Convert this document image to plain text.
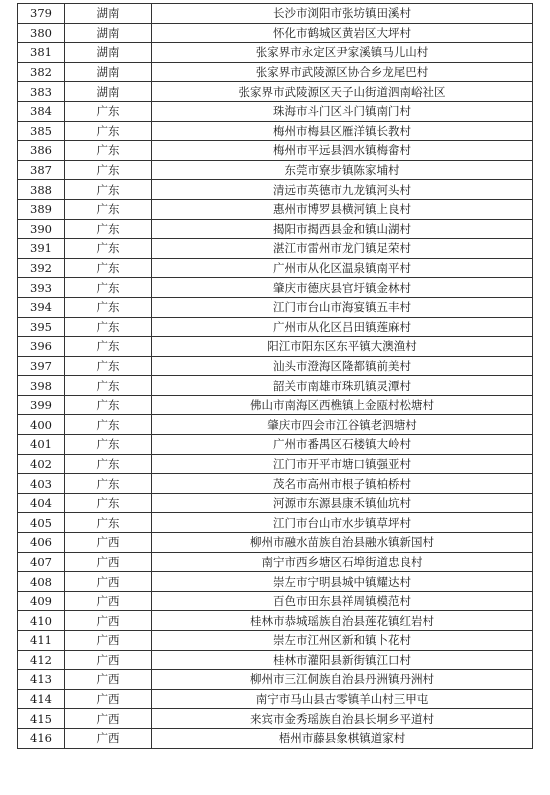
379	湖南	长沙市浏阳市张坊镇田溪村
380	湖南	怀化市鹤城区黄岩区大坪村
381	湖南	张家界市永定区尹家溪镇马儿山村
382	湖南	张家界市武陵源区协合乡龙尾巴村
383	湖南	张家界市武陵源区天子山街道泗南峪社区
384	广东	珠海市斗门区斗门镇南门村
385	广东	梅州市梅县区雁洋镇长教村
386	广东	梅州市平远县泗水镇梅畲村
387	广东	东莞市寮步镇陈家埔村
388	广东	清远市英德市九龙镇河头村
389	广东	惠州市博罗县横河镇上良村
390	广东	揭阳市揭西县金和镇山湖村
391	广东	湛江市雷州市龙门镇足荣村
392	广东	广州市从化区温泉镇南平村
393	广东	肇庆市德庆县官圩镇金林村
394	广东	江门市台山市海宴镇五丰村
395	广东	广州市从化区吕田镇莲麻村
396	广东	阳江市阳东区东平镇大澳渔村
397	广东	汕头市澄海区隆都镇前美村
398	广东	韶关市南雄市珠玑镇灵潭村
399	广东	佛山市南海区西樵镇上金瓯村松塘村
400	广东	肇庆市四会市江谷镇老泗塘村
401	广东	广州市番禺区石楼镇大岭村
402	广东	江门市开平市塘口镇强亚村
403	广东	茂名市高州市根子镇柏桥村
404	广东	河源市东源县康禾镇仙坑村
405	广东	江门市台山市水步镇草坪村
406	广西	柳州市融水苗族自治县融水镇新国村
407	广西	南宁市西乡塘区石埠街道忠良村
408	广西	崇左市宁明县城中镇耀达村
409	广西	百色市田东县祥周镇模范村
410	广西	桂林市恭城瑶族自治县莲花镇红岩村
411	广西	崇左市江州区新和镇卜花村
412	广西	桂林市灌阳县新街镇江口村
413	广西	柳州市三江侗族自治县丹洲镇丹洲村
414	广西	南宁市马山县古零镇羊山村三甲屯
415	广西	来宾市金秀瑶族自治县长垌乡平道村
416	广西	梧州市藤县象棋镇道家村
